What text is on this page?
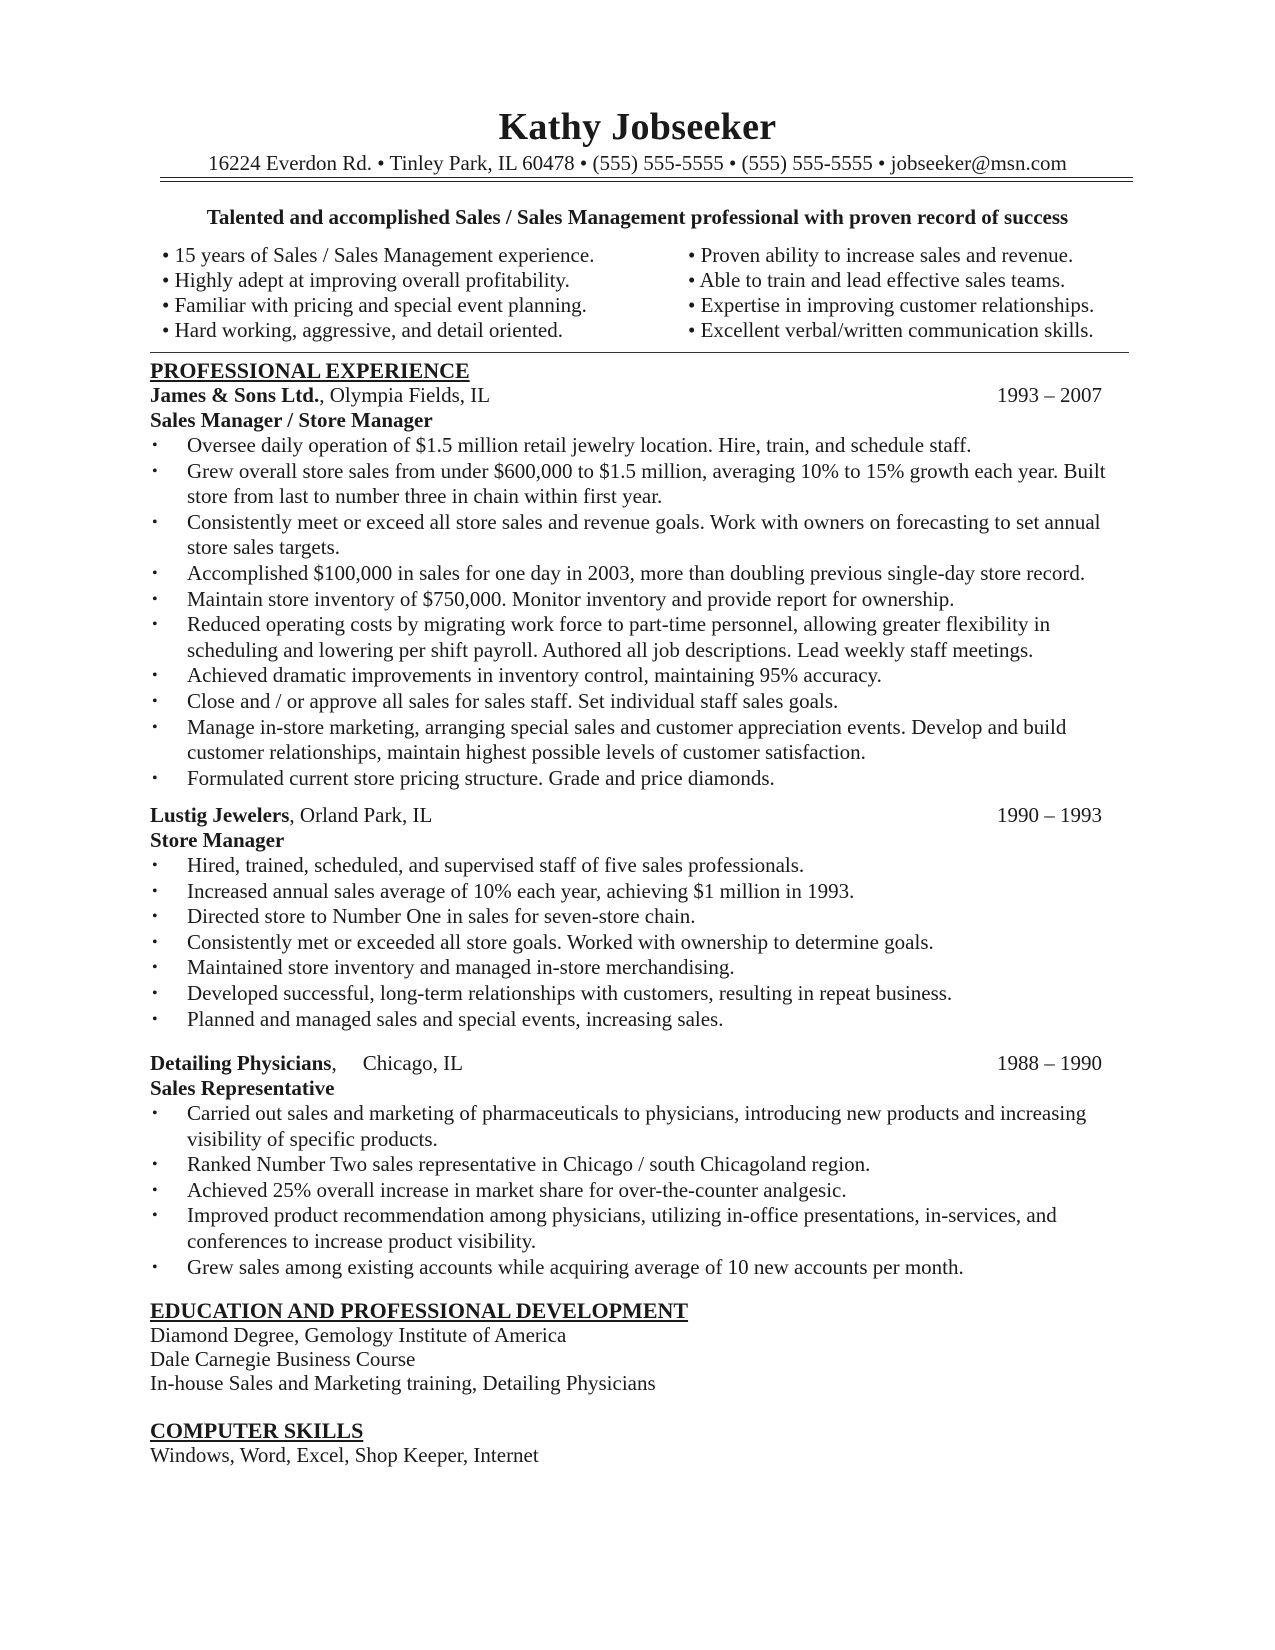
Kathy Jobseeker
16224 Everdon Rd. • Tinley Park, IL 60478 • (555) 555-5555 • (555) 555-5555 • jobseeker@msn.com
Talented and accomplished Sales / Sales Management professional with proven record of success
• 15 years of Sales / Sales Management experience.
• Highly adept at improving overall profitability.
• Familiar with pricing and special event planning.
• Hard working, aggressive, and detail oriented.
• Proven ability to increase sales and revenue.
• Able to train and lead effective sales teams.
• Expertise in improving customer relationships.
• Excellent verbal/written communication skills.
PROFESSIONAL EXPERIENCE
James & Sons Ltd., Olympia Fields, IL	1993 – 2007
Sales Manager / Store Manager
• Oversee daily operation of $1.5 million retail jewelry location. Hire, train, and schedule staff.
• Grew overall store sales from under $600,000 to $1.5 million, averaging 10% to 15% growth each year. Built store from last to number three in chain within first year.
• Consistently meet or exceed all store sales and revenue goals. Work with owners on forecasting to set annual store sales targets.
• Accomplished $100,000 in sales for one day in 2003, more than doubling previous single-day store record.
• Maintain store inventory of $750,000. Monitor inventory and provide report for ownership.
• Reduced operating costs by migrating work force to part-time personnel, allowing greater flexibility in scheduling and lowering per shift payroll. Authored all job descriptions. Lead weekly staff meetings.
• Achieved dramatic improvements in inventory control, maintaining 95% accuracy.
• Close and / or approve all sales for sales staff. Set individual staff sales goals.
• Manage in-store marketing, arranging special sales and customer appreciation events. Develop and build customer relationships, maintain highest possible levels of customer satisfaction.
• Formulated current store pricing structure. Grade and price diamonds.
Lustig Jewelers, Orland Park, IL	1990 – 1993
Store Manager
• Hired, trained, scheduled, and supervised staff of five sales professionals.
• Increased annual sales average of 10% each year, achieving $1 million in 1993.
• Directed store to Number One in sales for seven-store chain.
• Consistently met or exceeded all store goals. Worked with ownership to determine goals.
• Maintained store inventory and managed in-store merchandising.
• Developed successful, long-term relationships with customers, resulting in repeat business.
• Planned and managed sales and special events, increasing sales.
Detailing Physicians, Chicago, IL	1988 – 1990
Sales Representative
• Carried out sales and marketing of pharmaceuticals to physicians, introducing new products and increasing visibility of specific products.
• Ranked Number Two sales representative in Chicago / south Chicagoland region.
• Achieved 25% overall increase in market share for over-the-counter analgesic.
• Improved product recommendation among physicians, utilizing in-office presentations, in-services, and conferences to increase product visibility.
• Grew sales among existing accounts while acquiring average of 10 new accounts per month.
EDUCATION AND PROFESSIONAL DEVELOPMENT
Diamond Degree, Gemology Institute of America
Dale Carnegie Business Course
In-house Sales and Marketing training, Detailing Physicians
COMPUTER SKILLS
Windows, Word, Excel, Shop Keeper, Internet
